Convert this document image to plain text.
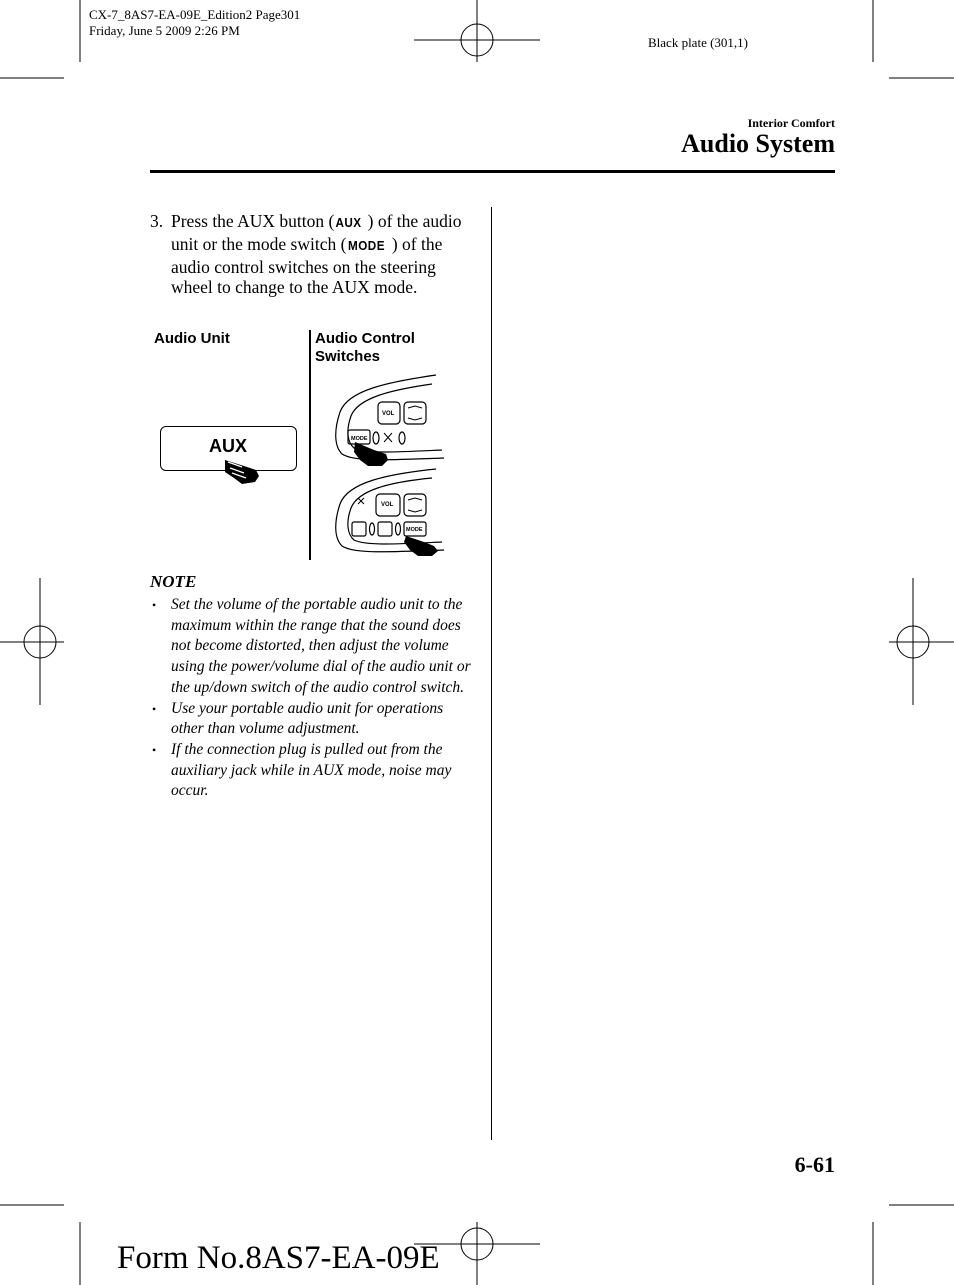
CX-7_8AS7-EA-09E_Edition2 Page301
Friday, June 5 2009 2:26 PM
Black plate (301,1)
Interior Comfort
Audio System
3. Press the AUX button (AUX ) of the audio unit or the mode switch ( MODE ) of the audio control switches on the steering wheel to change to the AUX mode.
Audio Unit	Audio Control
Switches
AUX
VOL
MODE
VOL
MODE
NOTE
• Set the volume of the portable audio unit to the maximum within the range that the sound does not become distorted, then adjust the volume using the power/volume dial of the audio unit or the up/down switch of the audio control switch.
• Use your portable audio unit for operations other than volume adjustment.
• If the connection plug is pulled out from the auxiliary jack while in AUX mode, noise may occur.
6-61
Form No.8AS7-EA-09E
